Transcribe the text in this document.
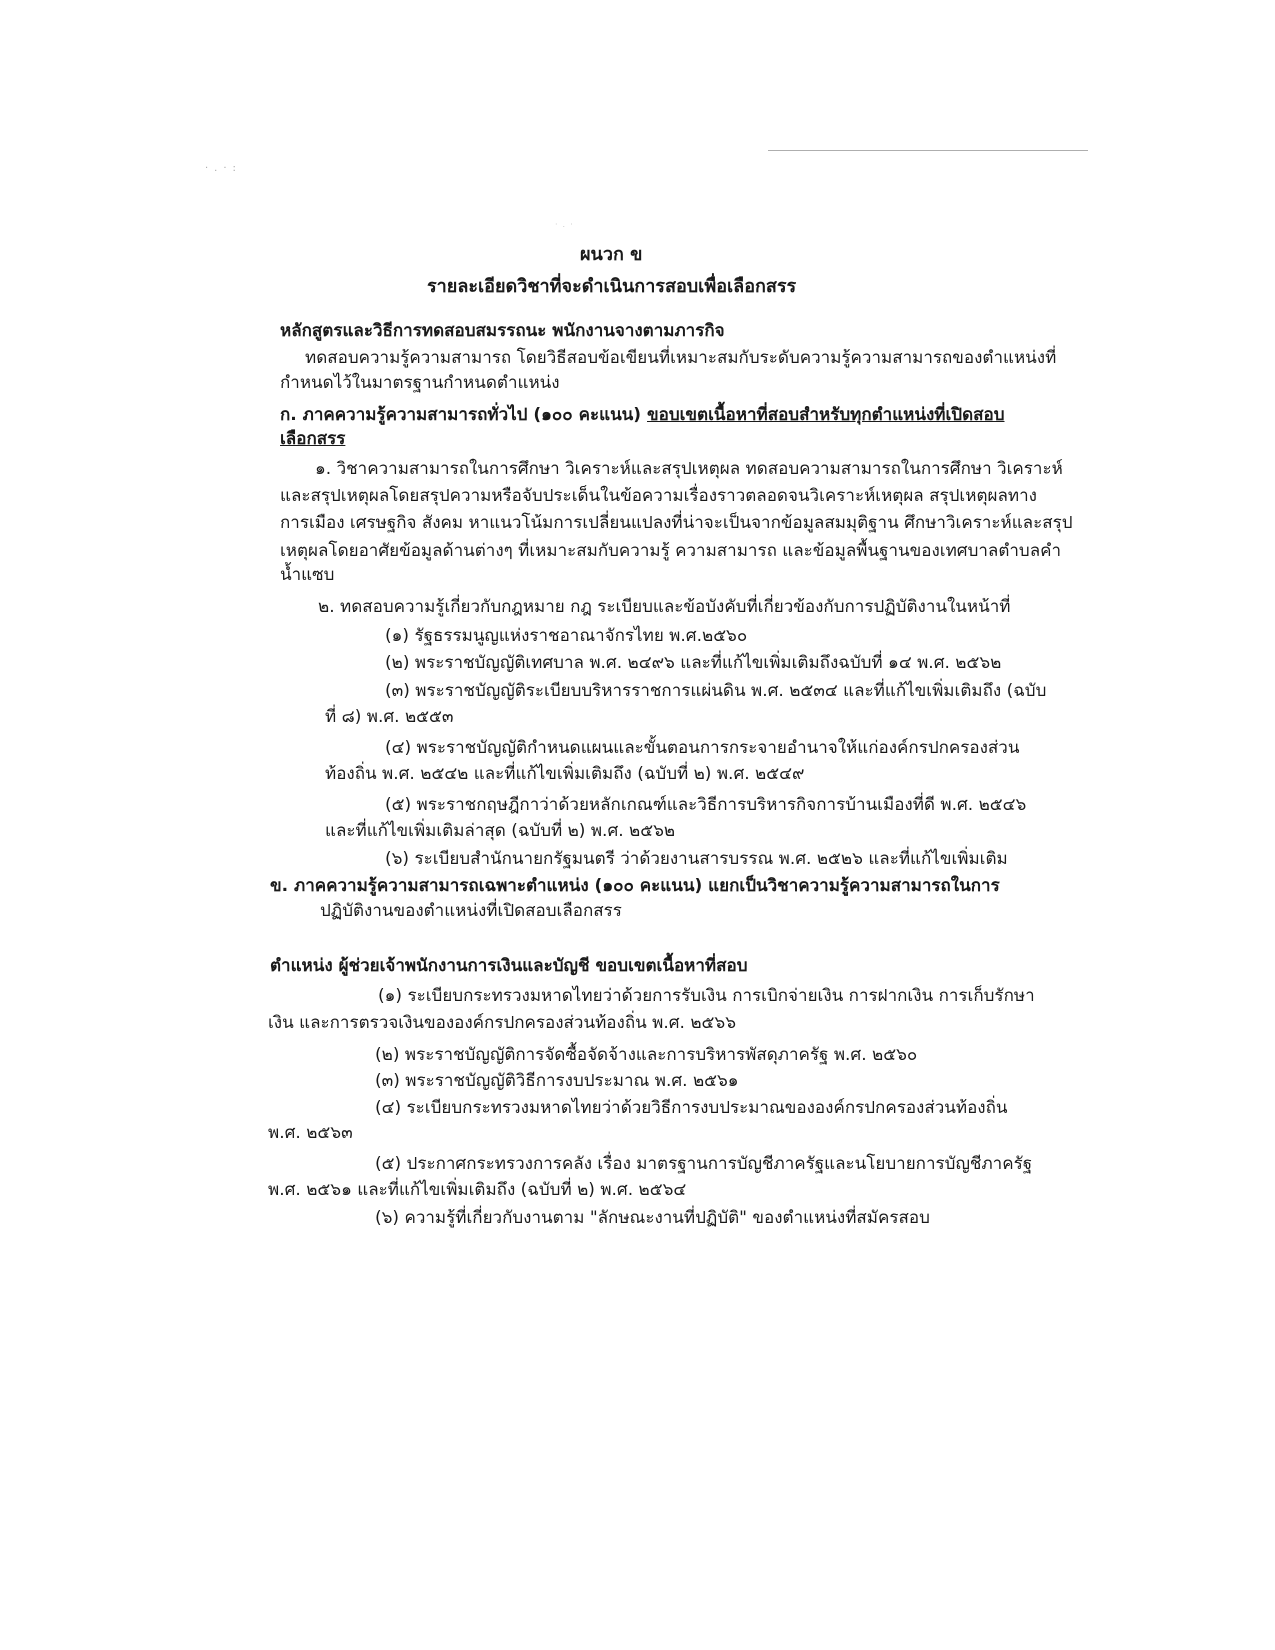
·.·:
·.·
ผนวก ข
รายละเอียดวิชาที่จะดำเนินการสอบเพื่อเลือกสรร
หลักสูตรและวิธีการทดสอบสมรรถนะ พนักงานจางตามภารกิจ
ทดสอบความรู้ความสามารถ โดยวิธีสอบข้อเขียนที่เหมาะสมกับระดับความรู้ความสามารถของตำแหน่งที่
กำหนดไว้ในมาตรฐานกำหนดตำแหน่ง
ก. ภาคความรู้ความสามารถทั่วไป (๑๐๐ คะแนน) ขอบเขตเนื้อหาที่สอบสำหรับทุกตำแหน่งที่เปิดสอบ
เลือกสรร
๑. วิชาความสามารถในการศึกษา วิเคราะห์และสรุปเหตุผล ทดสอบความสามารถในการศึกษา วิเคราะห์
และสรุปเหตุผลโดยสรุปความหรือจับประเด็นในข้อความเรื่องราวตลอดจนวิเคราะห์เหตุผล สรุปเหตุผลทาง
การเมือง เศรษฐกิจ สังคม หาแนวโน้มการเปลี่ยนแปลงที่น่าจะเป็นจากข้อมูลสมมุติฐาน ศึกษาวิเคราะห์และสรุป
เหตุผลโดยอาศัยข้อมูลด้านต่างๆ ที่เหมาะสมกับความรู้ ความสามารถ และข้อมูลพื้นฐานของเทศบาลตำบลคำ
น้ำแซบ
๒. ทดสอบความรู้เกี่ยวกับกฎหมาย กฎ ระเบียบและข้อบังคับที่เกี่ยวข้องกับการปฏิบัติงานในหน้าที่
(๑) รัฐธรรมนูญแห่งราชอาณาจักรไทย พ.ศ.๒๕๖๐
(๒) พระราชบัญญัติเทศบาล พ.ศ. ๒๔๙๖ และที่แก้ไขเพิ่มเติมถึงฉบับที่ ๑๔ พ.ศ. ๒๕๖๒
(๓) พระราชบัญญัติระเบียบบริหารราชการแผ่นดิน พ.ศ. ๒๕๓๔ และที่แก้ไขเพิ่มเติมถึง (ฉบับ
ที่ ๘) พ.ศ. ๒๕๕๓
(๔) พระราชบัญญัติกำหนดแผนและขั้นตอนการกระจายอำนาจให้แก่องค์กรปกครองส่วน
ท้องถิ่น พ.ศ. ๒๕๔๒ และที่แก้ไขเพิ่มเติมถึง (ฉบับที่ ๒) พ.ศ. ๒๕๔๙
(๕) พระราชกฤษฎีกาว่าด้วยหลักเกณฑ์และวิธีการบริหารกิจการบ้านเมืองที่ดี พ.ศ. ๒๕๔๖
และที่แก้ไขเพิ่มเติมล่าสุด (ฉบับที่ ๒) พ.ศ. ๒๕๖๒
(๖) ระเบียบสำนักนายกรัฐมนตรี ว่าด้วยงานสารบรรณ พ.ศ. ๒๕๒๖ และที่แก้ไขเพิ่มเติม
ข. ภาคความรู้ความสามารถเฉพาะตำแหน่ง (๑๐๐ คะแนน) แยกเป็นวิชาความรู้ความสามารถในการ
ปฏิบัติงานของตำแหน่งที่เปิดสอบเลือกสรร
ตำแหน่ง ผู้ช่วยเจ้าพนักงานการเงินและบัญชี ขอบเขตเนื้อหาที่สอบ
(๑) ระเบียบกระทรวงมหาดไทยว่าด้วยการรับเงิน การเบิกจ่ายเงิน การฝากเงิน การเก็บรักษา
เงิน และการตรวจเงินขององค์กรปกครองส่วนท้องถิ่น พ.ศ. ๒๕๖๖
(๒) พระราชบัญญัติการจัดซื้อจัดจ้างและการบริหารพัสดุภาครัฐ พ.ศ. ๒๕๖๐
(๓) พระราชบัญญัติวิธีการงบประมาณ พ.ศ. ๒๕๖๑
(๔) ระเบียบกระทรวงมหาดไทยว่าด้วยวิธีการงบประมาณขององค์กรปกครองส่วนท้องถิ่น
พ.ศ. ๒๕๖๓
(๕) ประกาศกระทรวงการคลัง เรื่อง มาตรฐานการบัญชีภาครัฐและนโยบายการบัญชีภาครัฐ
พ.ศ. ๒๕๖๑ และที่แก้ไขเพิ่มเติมถึง (ฉบับที่ ๒) พ.ศ. ๒๕๖๔
(๖) ความรู้ที่เกี่ยวกับงานตาม "ลักษณะงานที่ปฏิบัติ" ของตำแหน่งที่สมัครสอบ
